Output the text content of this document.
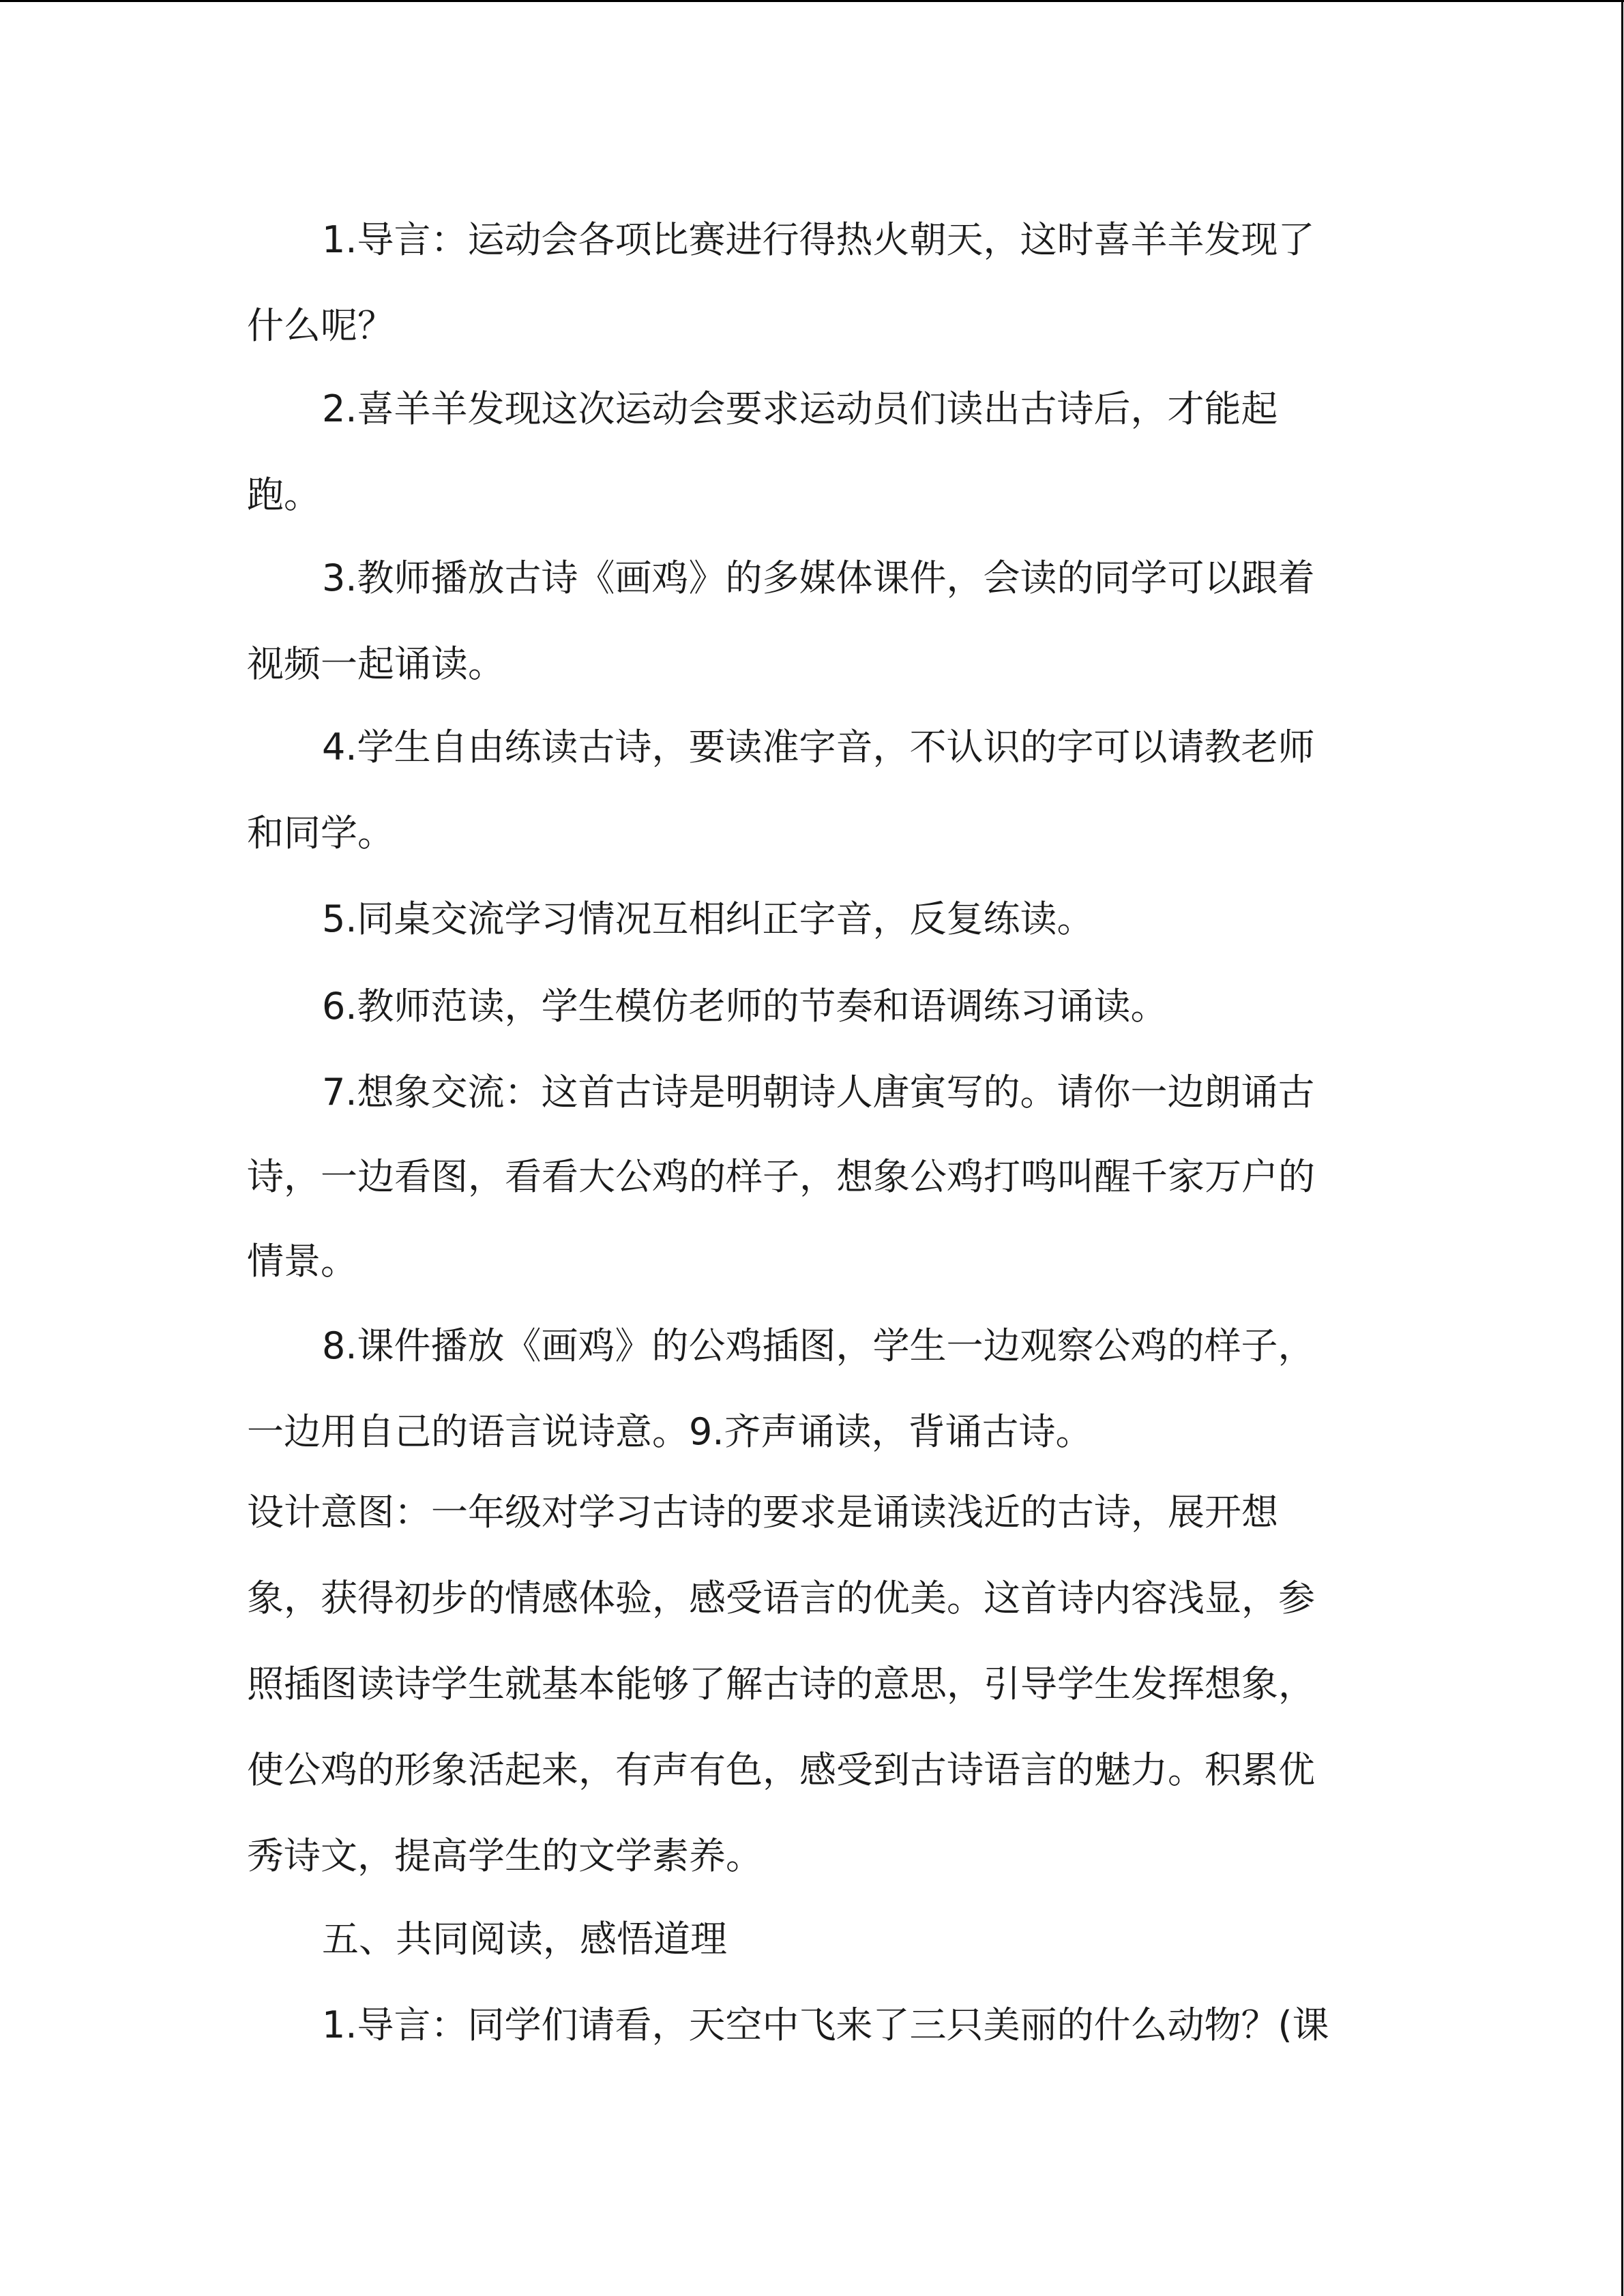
1.导言：运动会各项比赛进行得热火朝天，这时喜羊羊发现了
什么呢？
2.喜羊羊发现这次运动会要求运动员们读出古诗后，才能起
跑。
3.教师播放古诗《画鸡》的多媒体课件，会读的同学可以跟着
视频一起诵读。
4.学生自由练读古诗，要读准字音，不认识的字可以请教老师
和同学。
5.同桌交流学习情况互相纠正字音，反复练读。
6.教师范读，学生模仿老师的节奏和语调练习诵读。
7.想象交流：这首古诗是明朝诗人唐寅写的。请你一边朗诵古
诗，一边看图，看看大公鸡的样子，想象公鸡打鸣叫醒千家万户的
情景。
8.课件播放《画鸡》的公鸡插图，学生一边观察公鸡的样子，
一边用自己的语言说诗意。9.齐声诵读，背诵古诗。
设计意图：一年级对学习古诗的要求是诵读浅近的古诗，展开想
象，获得初步的情感体验，感受语言的优美。这首诗内容浅显，参
照插图读诗学生就基本能够了解古诗的意思，引导学生发挥想象，
使公鸡的形象活起来，有声有色，感受到古诗语言的魅力。积累优
秀诗文，提高学生的文学素养。
五、共同阅读，感悟道理
1.导言：同学们请看，天空中飞来了三只美丽的什么动物？(课
